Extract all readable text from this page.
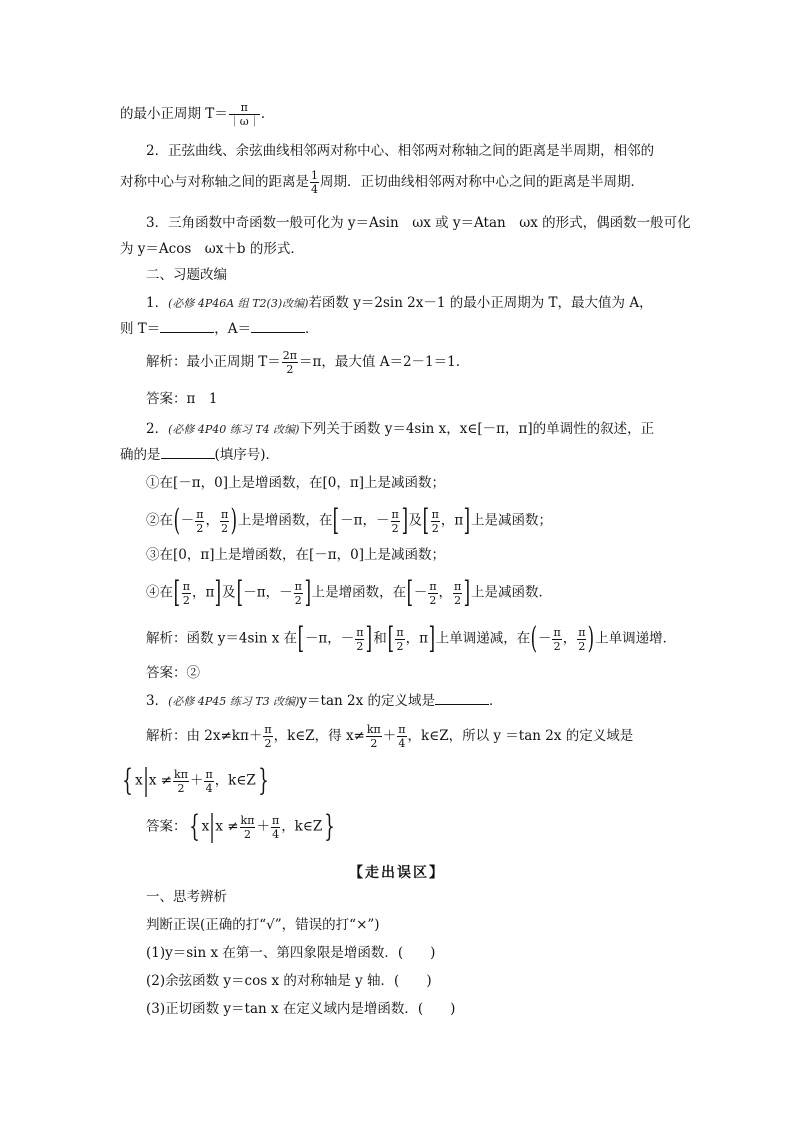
的最小正周期 $T= \frac{\pi}{|\omega|}$ .
2．正弦曲线、余弦曲线相邻两对称中心、相邻两对称轴之间的距离是半周期，相邻的
对称中心与对称轴之间的距离是 $\frac{1}{4}$ 周期．正切曲线相邻两对称中心之间的距离是半周期．
3．三角函数中奇函数一般可化为 y＝Asin　ωx 或 y＝Atan　ωx 的形式，偶函数一般可化
为 y＝Acos　ωx＋b 的形式．
二、习题改编
1．(必修 4P46A 组 T2(3)改编)若函数 y＝2sin 2x－1 的最小正周期为 T，最大值为 A，
则 T＝	，A＝	．
解析：最小正周期 $T= \frac{2\pi}{2} =\pi$，最大值 A＝2－1＝1.
答案：π　1
2．(必修 4P40 练习 T4 改编)下列关于函数 y＝4sin x，x∈[－π，π]的单调性的叙述，正
确的是	(填序号)．
①在[－π，0]上是增函数，在[0，π]上是减函数；
②在(－ $\frac{\pi}{2}$ ， $\frac{\pi}{2}$ )上是增函数，在[－π，－ $\frac{\pi}{2}$ ]及[ $\frac{\pi}{2}$ ，π]上是减函数；
③在[0，π]上是增函数，在[－π，0]上是减函数；
④在[ $\frac{\pi}{2}$ ，π]及[－π，－ $\frac{\pi}{2}$ ]上是增函数，在[－ $\frac{\pi}{2}$ ， $\frac{\pi}{2}$ ]上是减函数．
解析：函数 y＝4sin x 在[－π，－ $\frac{\pi}{2}$ ]和[ $\frac{\pi}{2}$ ，π]上单调递减，在(－ $\frac{\pi}{2}$ ， $\frac{\pi}{2}$ )上单调递增．
答案：②
3．(必修 4P45 练习 T3 改编)y＝tan 2x 的定义域是	．
解析：由 $2x\ne k\pi+ \frac{\pi}{2}$ ，k∈Z，得 $x\ne \frac{k\pi}{2} + \frac{\pi}{4}$ ，k∈Z，所以 y ＝tan 2x 的定义域是
{ $x|x \ne \frac{k\pi}{2} + \frac{\pi}{4}$ ，k∈Z}
答案：{ $x|x \ne \frac{k\pi}{2} + \frac{\pi}{4}$ ，k∈Z}
【走出误区】
一、思考辨析
判断正误(正确的打“√”，错误的打“×”)
(1)y＝sin x 在第一、第四象限是增函数．(　　)
(2)余弦函数 y＝cos x 的对称轴是 y 轴．(　　)
(3)正切函数 y＝tan x 在定义域内是增函数．(　　)
